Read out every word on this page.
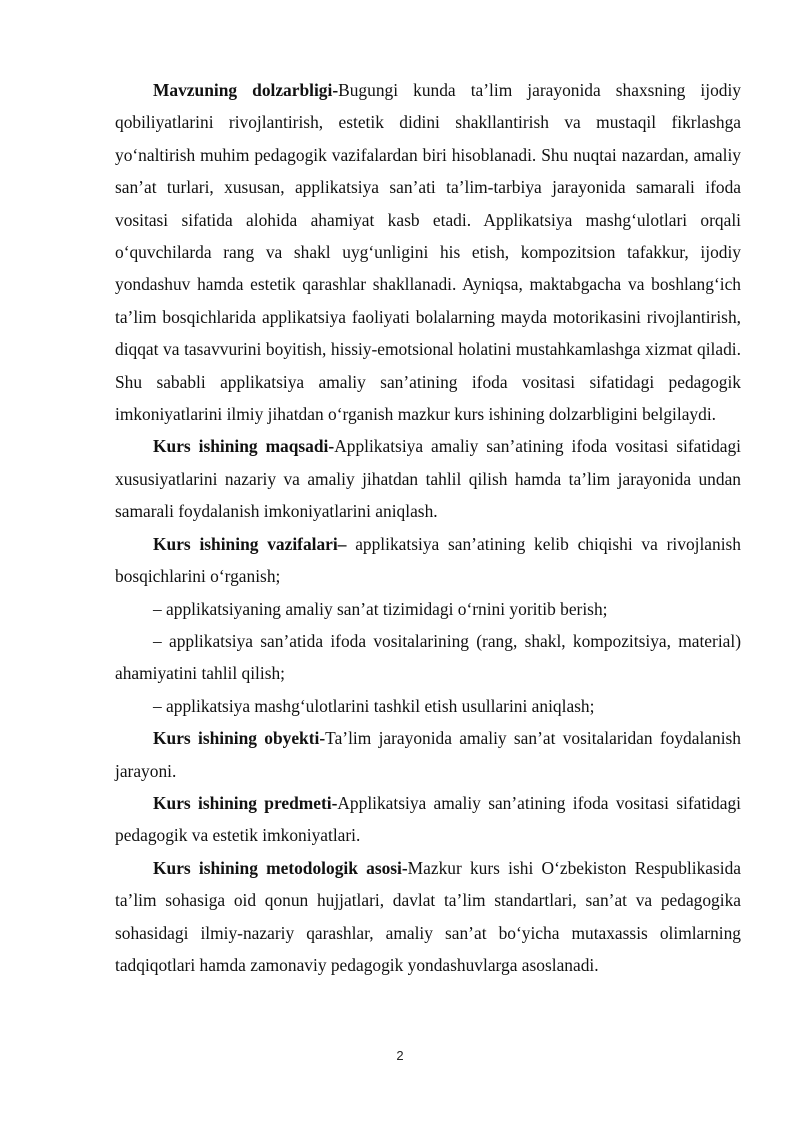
Mavzuning dolzarbligi-Bugungi kunda ta’lim jarayonida shaxsning ijodiy qobiliyatlarini rivojlantirish, estetik didini shakllantirish va mustaqil fikrlashga yo‘naltirish muhim pedagogik vazifalardan biri hisoblanadi. Shu nuqtai nazardan, amaliy san’at turlari, xususan, applikatsiya san’ati ta’lim-tarbiya jarayonida samarali ifoda vositasi sifatida alohida ahamiyat kasb etadi. Applikatsiya mashg‘ulotlari orqali o‘quvchilarda rang va shakl uyg‘unligini his etish, kompozitsion tafakkur, ijodiy yondashuv hamda estetik qarashlar shakllanadi. Ayniqsa, maktabgacha va boshlang‘ich ta’lim bosqichlarida applikatsiya faoliyati bolalarning mayda motorikasini rivojlantirish, diqqat va tasavvurini boyitish, hissiy-emotsional holatini mustahkamlashga xizmat qiladi. Shu sababli applikatsiya amaliy san’atining ifoda vositasi sifatidagi pedagogik imkoniyatlarini ilmiy jihatdan o‘rganish mazkur kurs ishining dolzarbligini belgilaydi.

Kurs ishining maqsadi-Applikatsiya amaliy san’atining ifoda vositasi sifatidagi xususiyatlarini nazariy va amaliy jihatdan tahlil qilish hamda ta’lim jarayonida undan samarali foydalanish imkoniyatlarini aniqlash.

Kurs ishining vazifalari– applikatsiya san’atining kelib chiqishi va rivojlanish bosqichlarini o‘rganish;

– applikatsiyaning amaliy san’at tizimidagi o‘rnini yoritib berish;

– applikatsiya san’atida ifoda vositalarining (rang, shakl, kompozitsiya, material) ahamiyatini tahlil qilish;

– applikatsiya mashg‘ulotlarini tashkil etish usullarini aniqlash;

Kurs ishining obyekti-Ta’lim jarayonida amaliy san’at vositalaridan foydalanish jarayoni.

Kurs ishining predmeti-Applikatsiya amaliy san’atining ifoda vositasi sifatidagi pedagogik va estetik imkoniyatlari.

Kurs ishining metodologik asosi-Mazkur kurs ishi O‘zbekiston Respublikasida ta’lim sohasiga oid qonun hujjatlari, davlat ta’lim standartlari, san’at va pedagogika sohasidagi ilmiy-nazariy qarashlar, amaliy san’at bo‘yicha mutaxassis olimlarning tadqiqotlari hamda zamonaviy pedagogik yondashuvlarga asoslanadi.

2
